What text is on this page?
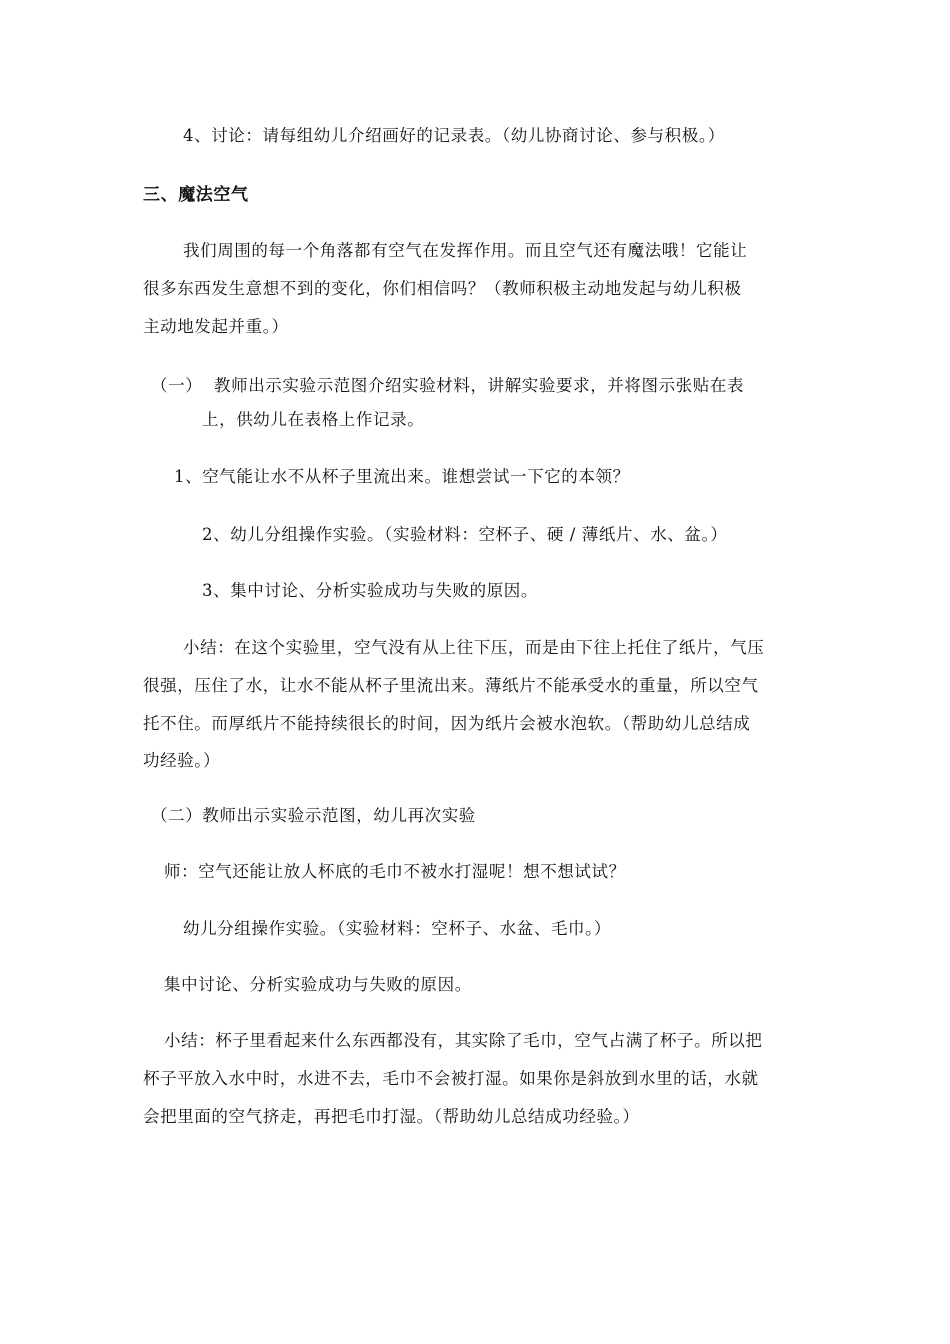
4、讨论：请每组幼儿介绍画好的记录表。（幼儿协商讨论、参与积极。）
三、魔法空气
我们周围的每一个角落都有空气在发挥作用。而且空气还有魔法哦！它能让
很多东西发生意想不到的变化，你们相信吗？（教师积极主动地发起与幼儿积极
主动地发起并重。）
（一） 教师出示实验示范图介绍实验材料，讲解实验要求，并将图示张贴在表
上，供幼儿在表格上作记录。
1、空气能让水不从杯子里流出来。谁想尝试一下它的本领？
2、幼儿分组操作实验。（实验材料：空杯子、硬 / 薄纸片、水、盆。）
3、集中讨论、分析实验成功与失败的原因。
小结：在这个实验里，空气没有从上往下压，而是由下往上托住了纸片，气压
很强，压住了水，让水不能从杯子里流出来。薄纸片不能承受水的重量，所以空气
托不住。而厚纸片不能持续很长的时间，因为纸片会被水泡软。（帮助幼儿总结成
功经验。）
（二）教师出示实验示范图，幼儿再次实验
师：空气还能让放人杯底的毛巾不被水打湿呢！想不想试试？
幼儿分组操作实验。（实验材料：空杯子、水盆、毛巾。）
集中讨论、分析实验成功与失败的原因。
小结：杯子里看起来什么东西都没有，其实除了毛巾，空气占满了杯子。所以把
杯子平放入水中时，水进不去，毛巾不会被打湿。如果你是斜放到水里的话，水就
会把里面的空气挤走，再把毛巾打湿。（帮助幼儿总结成功经验。）
